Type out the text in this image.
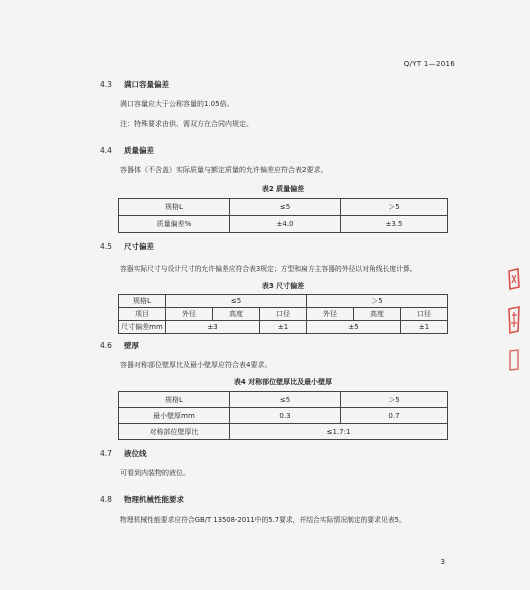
Q/YT 1—2016
4.3 满口容量偏差
满口容量应大于公称容量的1.05倍。
注：特殊要求由供、需双方在合同内规定。
4.4 质量偏差
容器体（不含盖）实际质量与额定质量的允许偏差应符合表2要求。
表2 质量偏差
规格L	≤5	＞5
质量偏差%	±4.0	±3.5
4.5 尺寸偏差
容器实际尺寸与设计尺寸的允许偏差应符合表3规定；方型和扁方主容器的外径以对角线长度计算。
表3 尺寸偏差
规格L	≤5			＞5		
项目	外径	高度	口径	外径	高度	口径
尺寸偏差mm	±3		±1	±5		±1
4.6 壁厚
容器对称部位壁厚比及最小壁厚应符合表4要求。
表4 对称部位壁厚比及最小壁厚
规格L	≤5	＞5
最小壁厚mm	0.3	0.7
对称部位壁厚比	≤1.7:1	
4.7 液位线
可看到内装物的液位。
4.8 物理机械性能要求
物理机械性能要求应符合GB/T 13508-2011中的5.7要求，并结合实际情况制定的要求见表5。
3
